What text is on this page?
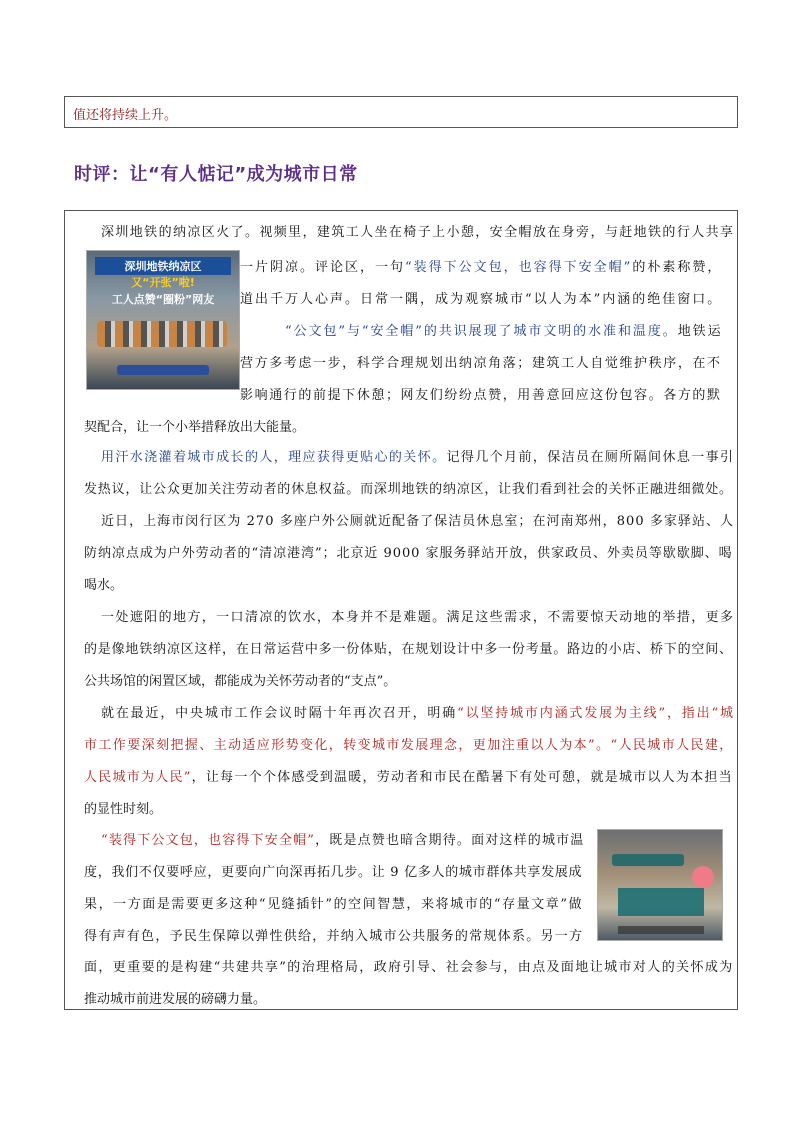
值还将持续上升。
时评：让“有人惦记”成为城市日常
深圳地铁纳凉区
又“开张”啦!
工人点赞“圈粉”网友
深圳地铁的纳凉区火了。视频里，建筑工人坐在椅子上小憩，安全帽放在身旁，与赶地铁的行人共享
一片阴凉。评论区，一句“装得下公文包，也容得下安全帽”的朴素称赞，
道出千万人心声。日常一隅，成为观察城市“以人为本”内涵的绝佳窗口。
“公文包”与“安全帽”的共识展现了城市文明的水准和温度。地铁运
营方多考虑一步，科学合理规划出纳凉角落；建筑工人自觉维护秩序，在不
影响通行的前提下休憩；网友们纷纷点赞，用善意回应这份包容。各方的默
契配合，让一个小举措释放出大能量。
用汗水浇灌着城市成长的人，理应获得更贴心的关怀。记得几个月前，保洁员在厕所隔间休息一事引
发热议，让公众更加关注劳动者的休息权益。而深圳地铁的纳凉区，让我们看到社会的关怀正融进细微处。
近日，上海市闵行区为 270 多座户外公厕就近配备了保洁员休息室；在河南郑州，800 多家驿站、人
防纳凉点成为户外劳动者的“清凉港湾”；北京近 9000 家服务驿站开放，供家政员、外卖员等歇歇脚、喝
喝水。
一处遮阳的地方，一口清凉的饮水，本身并不是难题。满足这些需求，不需要惊天动地的举措，更多
的是像地铁纳凉区这样，在日常运营中多一份体贴，在规划设计中多一份考量。路边的小店、桥下的空间、
公共场馆的闲置区域，都能成为关怀劳动者的“支点”。
就在最近，中央城市工作会议时隔十年再次召开，明确“以坚持城市内涵式发展为主线”，指出“城
市工作要深刻把握、主动适应形势变化，转变城市发展理念，更加注重以人为本”。“人民城市人民建，
人民城市为人民”，让每一个个体感受到温暖，劳动者和市民在酷暑下有处可憩，就是城市以人为本担当
的显性时刻。
“装得下公文包，也容得下安全帽”，既是点赞也暗含期待。面对这样的城市温
度，我们不仅要呼应，更要向广向深再拓几步。让 9 亿多人的城市群体共享发展成
果，一方面是需要更多这种“见缝插针”的空间智慧，来将城市的“存量文章”做
得有声有色，予民生保障以弹性供给，并纳入城市公共服务的常规体系。另一方
面，更重要的是构建“共建共享”的治理格局，政府引导、社会参与，由点及面地让城市对人的关怀成为
推动城市前进发展的磅礴力量。
